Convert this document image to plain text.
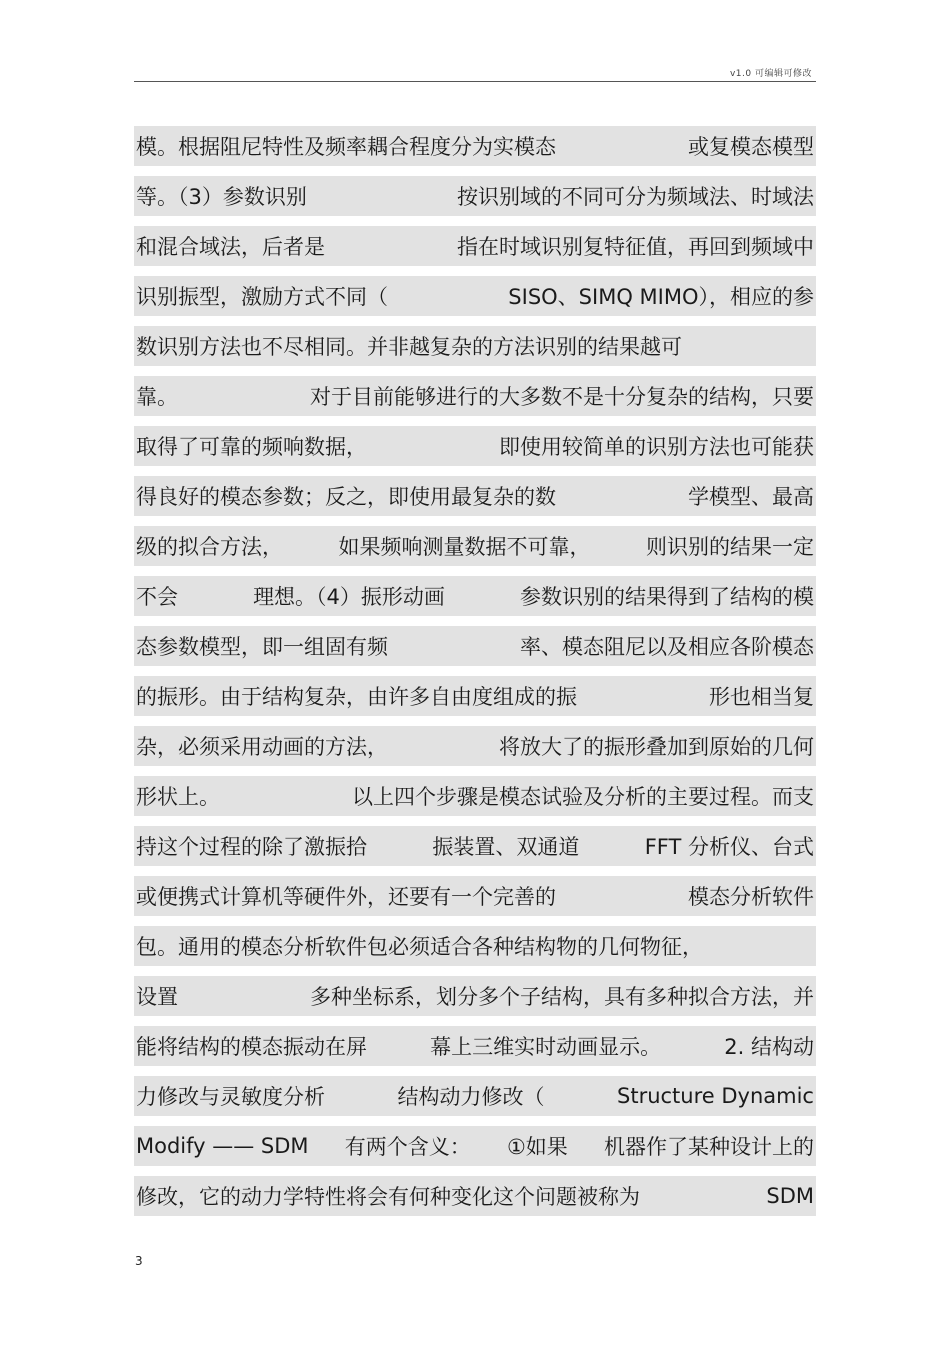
v1.0 可编辑可修改
模。根据阻尼特性及频率耦合程度分为实模态	或复模态模型
等。（3）参数识别	按识别域的不同可分为频域法、时域法
和混合域法，后者是	指在时域识别复特征值，再回到频域中
识别振型，激励方式不同（	SISO、SIMQ MIMO），相应的参
数识别方法也不尽相同。并非越复杂的方法识别的结果越可
靠。	对于目前能够进行的大多数不是十分复杂的结构，只要
取得了可靠的频响数据，	即使用较简单的识别方法也可能获
得良好的模态参数；反之，即使用最复杂的数	学模型、最高
级的拟合方法，	如果频响测量数据不可靠，	则识别的结果一定
不会	理想。（4）振形动画	参数识别的结果得到了结构的模
态参数模型，即一组固有频	率、模态阻尼以及相应各阶模态
的振形。由于结构复杂，由许多自由度组成的振	形也相当复
杂，必须采用动画的方法，	将放大了的振形叠加到原始的几何
形状上。	以上四个步骤是模态试验及分析的主要过程。而支
持这个过程的除了激振拾	振装置、双通道	FFT 分析仪、台式
或便携式计算机等硬件外，还要有一个完善的	模态分析软件
包。通用的模态分析软件包必须适合各种结构物的几何物征，
设置	多种坐标系，划分多个子结构，具有多种拟合方法，并
能将结构的模态振动在屏	幕上三维实时动画显示。	2. 结构动
力修改与灵敏度分析	结构动力修改（	Structure Dynamic
Modify —— SDM 有两个含义： ①如果 机器作了某种设计上的
修改，它的动力学特性将会有何种变化这个问题被称为	SDM
3
